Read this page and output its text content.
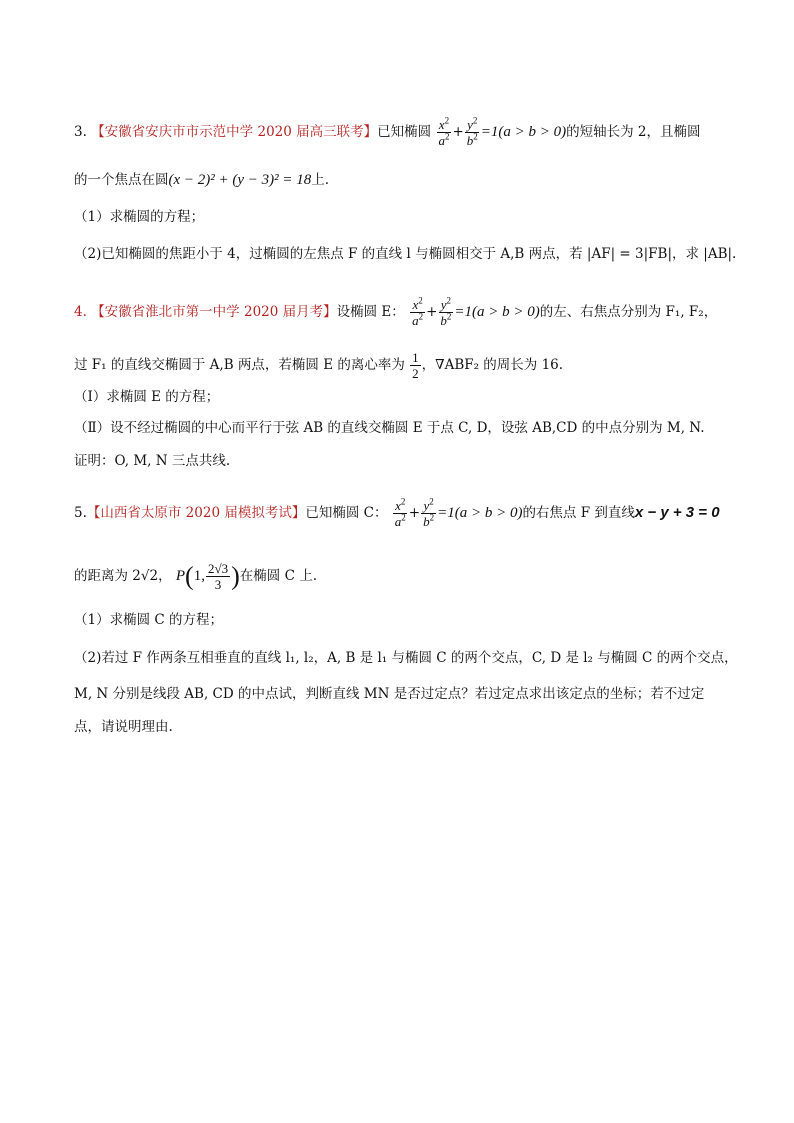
3. 【安徽省安庆市市示范中学 2020 届高三联考】已知椭圆 $\frac{x^2}{a^2} + \frac{y^2}{b^2} =1(a > b > 0)$的短轴长为 2，且椭圆
的一个焦点在圆(x − 2)² + (y − 3)² = 18上.
（1）求椭圆的方程；
（2)已知椭圆的焦距小于 4，过椭圆的左焦点 F 的直线 l 与椭圆相交于 A,B 两点，若 |AF| = 3|FB|，求 |AB|.
4. 【安徽省淮北市第一中学 2020 届月考】设椭圆 E： $\frac{x^2}{a^2} + \frac{y^2}{b^2} =1(a > b > 0)$的左、右焦点分别为 F₁, F₂，
过 F₁ 的直线交椭圆于 A,B 两点，若椭圆 E 的离心率为 $\frac{1}{2}$ ，∇ABF₂ 的周长为 16.
（Ⅰ）求椭圆 E 的方程；
（Ⅱ）设不经过椭圆的中心而平行于弦 AB 的直线交椭圆 E 于点 C, D，设弦 AB,CD 的中点分别为 M, N.
证明：O, M, N 三点共线.
5.【山西省太原市 2020 届模拟考试】已知椭圆 C： $\frac{x^2}{a^2} + \frac{y^2}{b^2} =1(a > b > 0)$的右焦点 F 到直线x − y + 3 = 0
的距离为 2√2， P(1, $\frac{2√3}{3}$ )在椭圆 C 上.
（1）求椭圆 C 的方程；
（2)若过 F 作两条互相垂直的直线 l₁, l₂，A, B 是 l₁ 与椭圆 C 的两个交点，C, D 是 l₂ 与椭圆 C 的两个交点，
M, N 分别是线段 AB, CD 的中点试，判断直线 MN 是否过定点？若过定点求出该定点的坐标；若不过定
点，请说明理由.
